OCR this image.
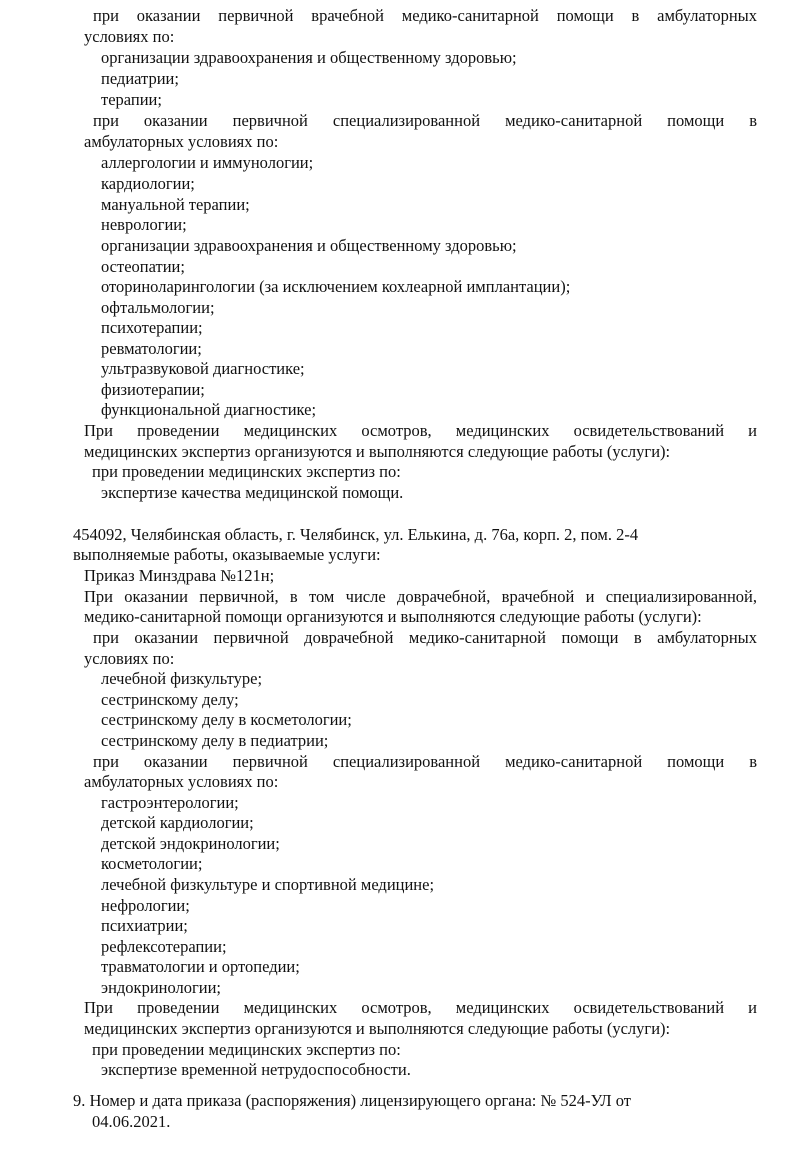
при оказании первичной врачебной медико-санитарной помощи в амбулаторных
условиях по:
организации здравоохранения и общественному здоровью;
педиатрии;
терапии;
при оказании первичной специализированной медико-санитарной помощи в
амбулаторных условиях по:
аллергологии и иммунологии;
кардиологии;
мануальной терапии;
неврологии;
организации здравоохранения и общественному здоровью;
остеопатии;
оториноларингологии (за исключением кохлеарной имплантации);
офтальмологии;
психотерапии;
ревматологии;
ультразвуковой диагностике;
физиотерапии;
функциональной диагностике;
При проведении медицинских осмотров, медицинских освидетельствований и
медицинских экспертиз организуются и выполняются следующие работы (услуги):
при проведении медицинских экспертиз по:
экспертизе качества медицинской помощи.
454092, Челябинская область, г. Челябинск, ул. Елькина, д. 76а, корп. 2, пом. 2-4
выполняемые работы, оказываемые услуги:
Приказ Минздрава №121н;
При оказании первичной, в том числе доврачебной, врачебной и специализированной,
медико-санитарной помощи организуются и выполняются следующие работы (услуги):
при оказании первичной доврачебной медико-санитарной помощи в амбулаторных
условиях по:
лечебной физкультуре;
сестринскому делу;
сестринскому делу в косметологии;
сестринскому делу в педиатрии;
при оказании первичной специализированной медико-санитарной помощи в
амбулаторных условиях по:
гастроэнтерологии;
детской кардиологии;
детской эндокринологии;
косметологии;
лечебной физкультуре и спортивной медицине;
нефрологии;
психиатрии;
рефлексотерапии;
травматологии и ортопедии;
эндокринологии;
При проведении медицинских осмотров, медицинских освидетельствований и
медицинских экспертиз организуются и выполняются следующие работы (услуги):
при проведении медицинских экспертиз по:
экспертизе временной нетрудоспособности.
9. Номер и дата приказа (распоряжения) лицензирующего органа: № 524-УЛ от
04.06.2021.
